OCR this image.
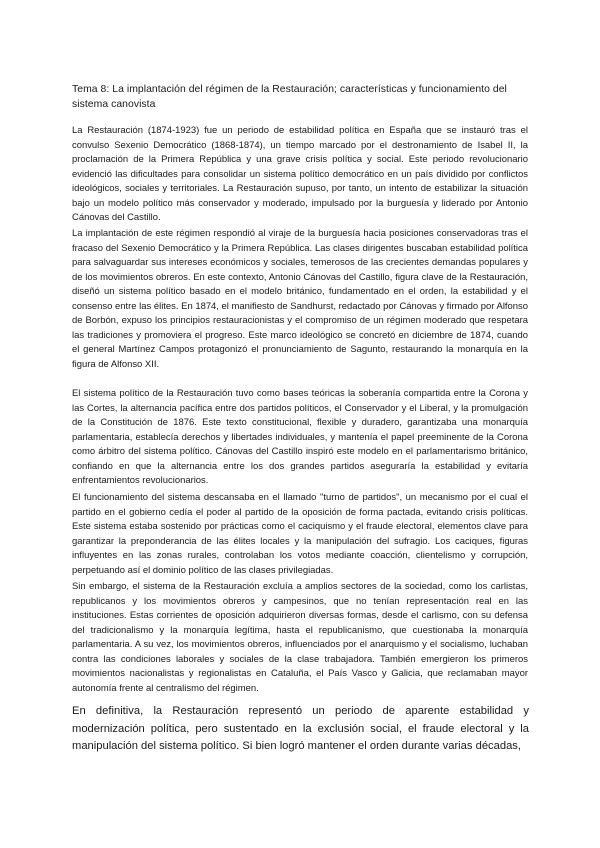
Tema 8: La implantación del régimen de la Restauración; características y funcionamiento del sistema canovista

La Restauración (1874-1923) fue un periodo de estabilidad política en España que se instauró tras el convulso Sexenio Democrático (1868-1874), un tiempo marcado por el destronamiento de Isabel II, la proclamación de la Primera República y una grave crisis política y social. Este periodo revolucionario evidenció las dificultades para consolidar un sistema político democrático en un país dividido por conflictos ideológicos, sociales y territoriales. La Restauración supuso, por tanto, un intento de estabilizar la situación bajo un modelo político más conservador y moderado, impulsado por la burguesía y liderado por Antonio Cánovas del Castillo.

La implantación de este régimen respondió al viraje de la burguesía hacia posiciones conservadoras tras el fracaso del Sexenio Democrático y la Primera República. Las clases dirigentes buscaban estabilidad política para salvaguardar sus intereses económicos y sociales, temerosos de las crecientes demandas populares y de los movimientos obreros. En este contexto, Antonio Cánovas del Castillo, figura clave de la Restauración, diseñó un sistema político basado en el modelo británico, fundamentado en el orden, la estabilidad y el consenso entre las élites. En 1874, el manifiesto de Sandhurst, redactado por Cánovas y firmado por Alfonso de Borbón, expuso los principios restauracionistas y el compromiso de un régimen moderado que respetara las tradiciones y promoviera el progreso. Este marco ideológico se concretó en diciembre de 1874, cuando el general Martínez Campos protagonizó el pronunciamiento de Sagunto, restaurando la monarquía en la figura de Alfonso XII.

El sistema político de la Restauración tuvo como bases teóricas la soberanía compartida entre la Corona y las Cortes, la alternancia pacífica entre dos partidos políticos, el Conservador y el Liberal, y la promulgación de la Constitución de 1876. Este texto constitucional, flexible y duradero, garantizaba una monarquía parlamentaria, establecía derechos y libertades individuales, y mantenía el papel preeminente de la Corona como árbitro del sistema político. Cánovas del Castillo inspiró este modelo en el parlamentarismo británico, confiando en que la alternancia entre los dos grandes partidos aseguraría la estabilidad y evitaría enfrentamientos revolucionarios.

El funcionamiento del sistema descansaba en el llamado "turno de partidos", un mecanismo por el cual el partido en el gobierno cedía el poder al partido de la oposición de forma pactada, evitando crisis políticas. Este sistema estaba sostenido por prácticas como el caciquismo y el fraude electoral, elementos clave para garantizar la preponderancia de las élites locales y la manipulación del sufragio. Los caciques, figuras influyentes en las zonas rurales, controlaban los votos mediante coacción, clientelismo y corrupción, perpetuando así el dominio político de las clases privilegiadas.

Sin embargo, el sistema de la Restauración excluía a amplios sectores de la sociedad, como los carlistas, republicanos y los movimientos obreros y campesinos, que no tenían representación real en las instituciones. Estas corrientes de oposición adquirieron diversas formas, desde el carlismo, con su defensa del tradicionalismo y la monarquía legítima, hasta el republicanismo, que cuestionaba la monarquía parlamentaria. A su vez, los movimientos obreros, influenciados por el anarquismo y el socialismo, luchaban contra las condiciones laborales y sociales de la clase trabajadora. También emergieron los primeros movimientos nacionalistas y regionalistas en Cataluña, el País Vasco y Galicia, que reclamaban mayor autonomía frente al centralismo del régimen.

En definitiva, la Restauración representó un periodo de aparente estabilidad y modernización política, pero sustentado en la exclusión social, el fraude electoral y la manipulación del sistema político. Si bien logró mantener el orden durante varias décadas,
